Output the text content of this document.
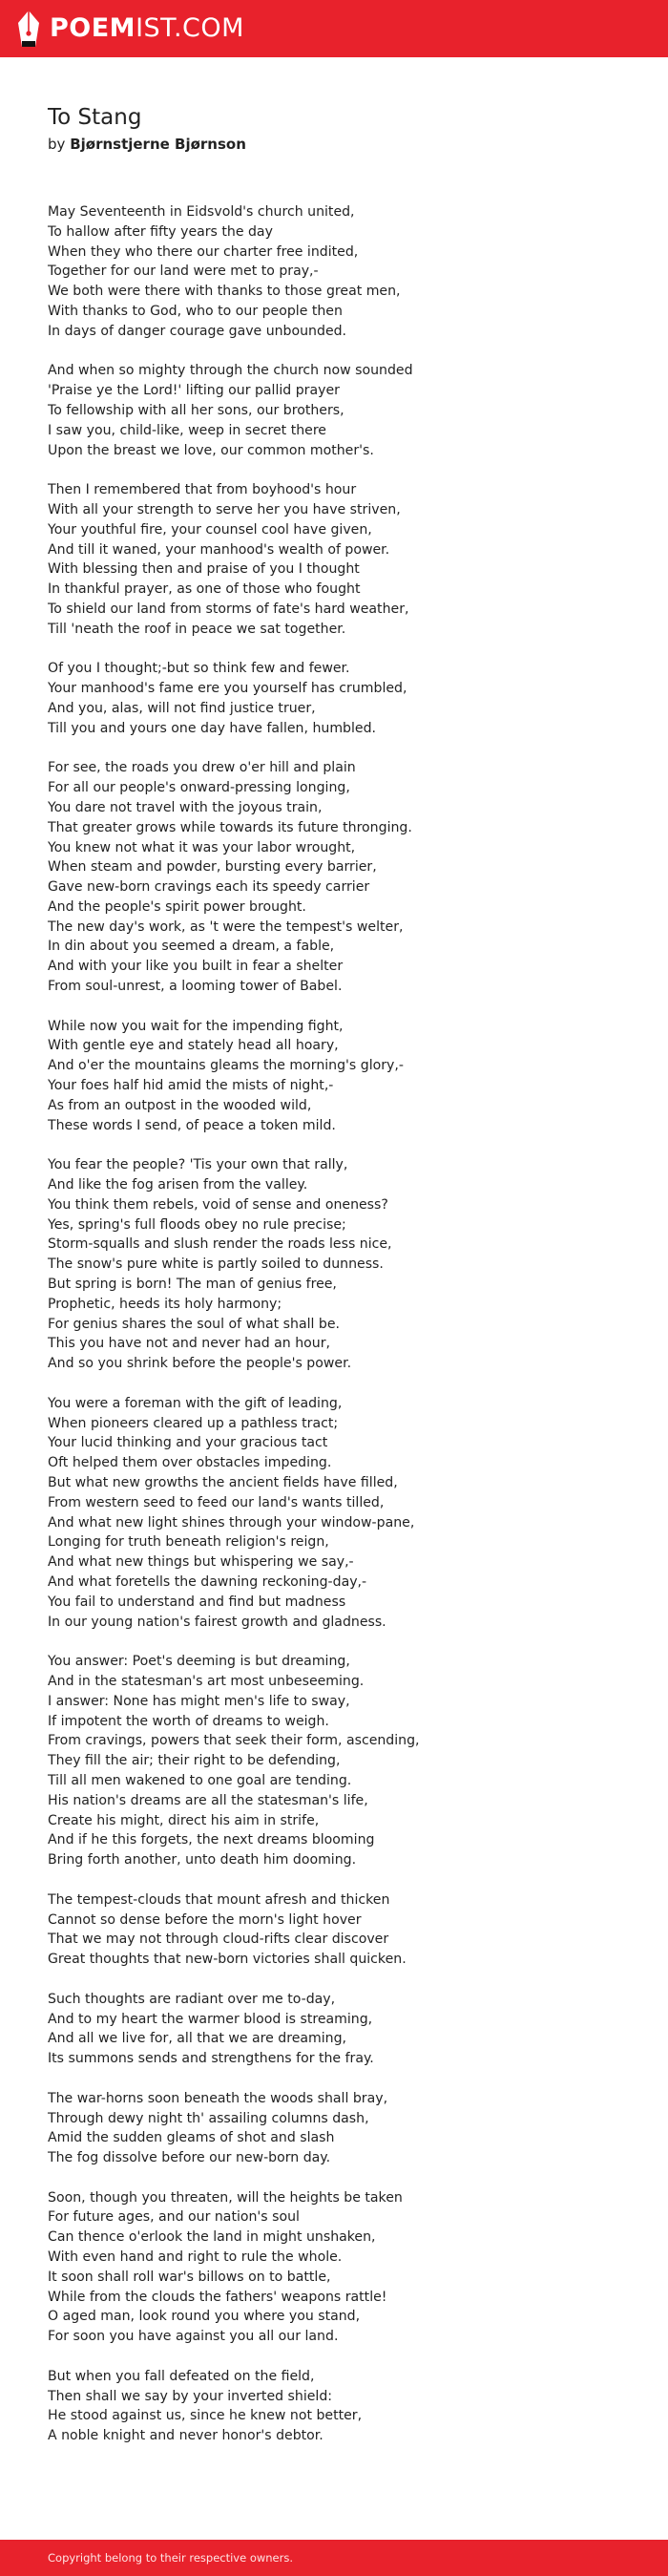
POEMIST.COM
To Stang
by Bjørnstjerne Bjørnson
May Seventeenth in Eidsvold's church united,
To hallow after fifty years the day
When they who there our charter free indited,
Together for our land were met to pray,-
We both were there with thanks to those great men,
With thanks to God, who to our people then
In days of danger courage gave unbounded.
And when so mighty through the church now sounded
'Praise ye the Lord!' lifting our pallid prayer
To fellowship with all her sons, our brothers,
I saw you, child-like, weep in secret there
Upon the breast we love, our common mother's.
Then I remembered that from boyhood's hour
With all your strength to serve her you have striven,
Your youthful fire, your counsel cool have given,
And till it waned, your manhood's wealth of power.
With blessing then and praise of you I thought
In thankful prayer, as one of those who fought
To shield our land from storms of fate's hard weather,
Till 'neath the roof in peace we sat together.
Of you I thought;-but so think few and fewer.
Your manhood's fame ere you yourself has crumbled,
And you, alas, will not find justice truer,
Till you and yours one day have fallen, humbled.
For see, the roads you drew o'er hill and plain
For all our people's onward-pressing longing,
You dare not travel with the joyous train,
That greater grows while towards its future thronging.
You knew not what it was your labor wrought,
When steam and powder, bursting every barrier,
Gave new-born cravings each its speedy carrier
And the people's spirit power brought.
The new day's work, as 't were the tempest's welter,
In din about you seemed a dream, a fable,
And with your like you built in fear a shelter
From soul-unrest, a looming tower of Babel.
While now you wait for the impending fight,
With gentle eye and stately head all hoary,
And o'er the mountains gleams the morning's glory,-
Your foes half hid amid the mists of night,-
As from an outpost in the wooded wild,
These words I send, of peace a token mild.
You fear the people? 'Tis your own that rally,
And like the fog arisen from the valley.
You think them rebels, void of sense and oneness?
Yes, spring's full floods obey no rule precise;
Storm-squalls and slush render the roads less nice,
The snow's pure white is partly soiled to dunness.
But spring is born! The man of genius free,
Prophetic, heeds its holy harmony;
For genius shares the soul of what shall be.
This you have not and never had an hour,
And so you shrink before the people's power.
You were a foreman with the gift of leading,
When pioneers cleared up a pathless tract;
Your lucid thinking and your gracious tact
Oft helped them over obstacles impeding.
But what new growths the ancient fields have filled,
From western seed to feed our land's wants tilled,
And what new light shines through your window-pane,
Longing for truth beneath religion's reign,
And what new things but whispering we say,-
And what foretells the dawning reckoning-day,-
You fail to understand and find but madness
In our young nation's fairest growth and gladness.
You answer: Poet's deeming is but dreaming,
And in the statesman's art most unbeseeming.
I answer: None has might men's life to sway,
If impotent the worth of dreams to weigh.
From cravings, powers that seek their form, ascending,
They fill the air; their right to be defending,
Till all men wakened to one goal are tending.
His nation's dreams are all the statesman's life,
Create his might, direct his aim in strife,
And if he this forgets, the next dreams blooming
Bring forth another, unto death him dooming.
The tempest-clouds that mount afresh and thicken
Cannot so dense before the morn's light hover
That we may not through cloud-rifts clear discover
Great thoughts that new-born victories shall quicken.
Such thoughts are radiant over me to-day,
And to my heart the warmer blood is streaming,
And all we live for, all that we are dreaming,
Its summons sends and strengthens for the fray.
The war-horns soon beneath the woods shall bray,
Through dewy night th' assailing columns dash,
Amid the sudden gleams of shot and slash
The fog dissolve before our new-born day.
Soon, though you threaten, will the heights be taken
For future ages, and our nation's soul
Can thence o'erlook the land in might unshaken,
With even hand and right to rule the whole.
It soon shall roll war's billows on to battle,
While from the clouds the fathers' weapons rattle!
O aged man, look round you where you stand,
For soon you have against you all our land.
But when you fall defeated on the field,
Then shall we say by your inverted shield:
He stood against us, since he knew not better,
A noble knight and never honor's debtor.
Copyright belong to their respective owners.
